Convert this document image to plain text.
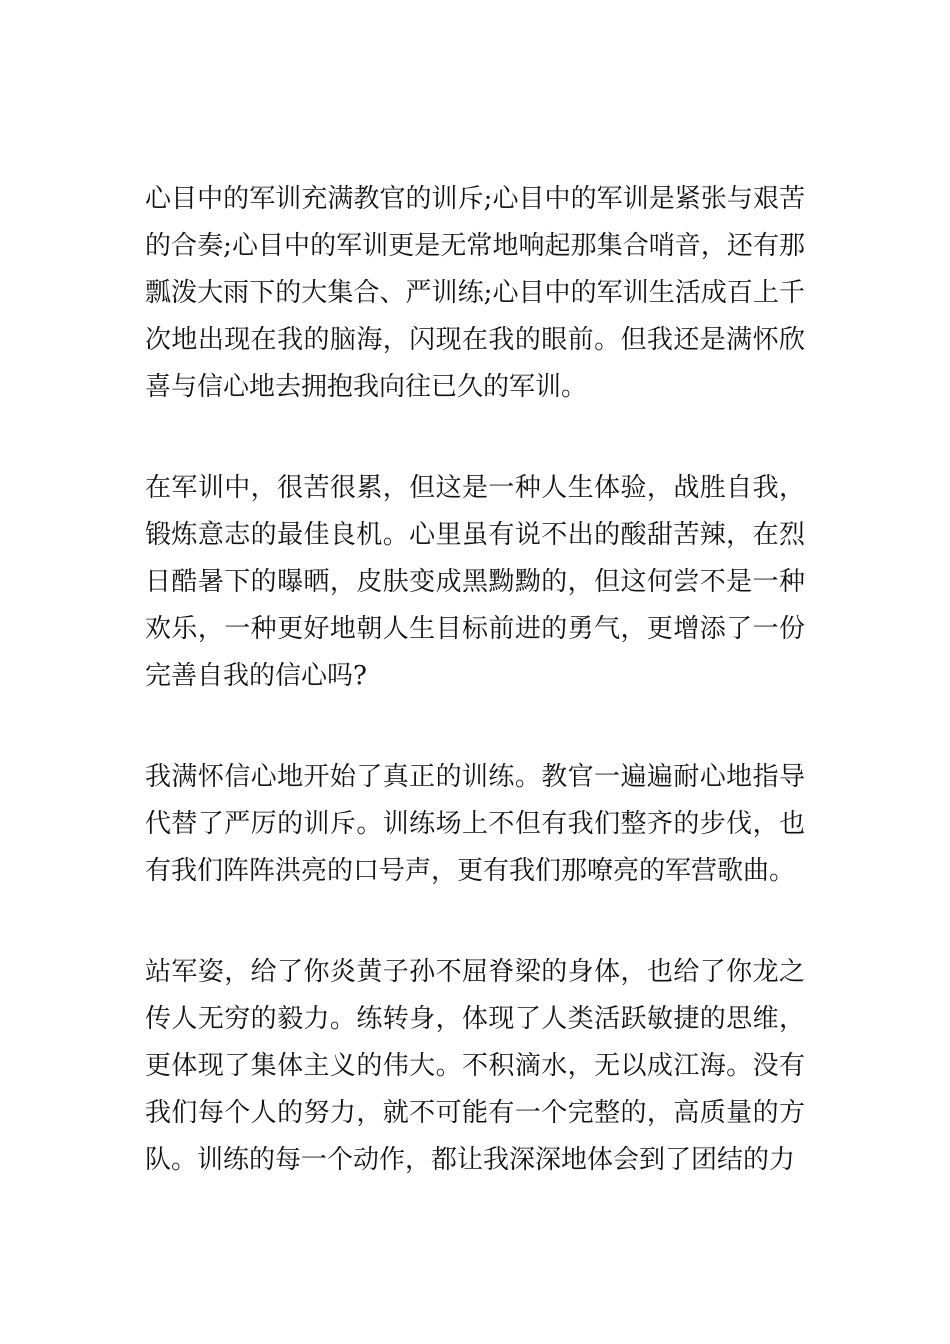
心目中的军训充满教官的训斥;心目中的军训是紧张与艰苦的合奏;心目中的军训更是无常地响起那集合哨音，还有那瓢泼大雨下的大集合、严训练;心目中的军训生活成百上千次地出现在我的脑海，闪现在我的眼前。但我还是满怀欣喜与信心地去拥抱我向往已久的军训。

在军训中，很苦很累，但这是一种人生体验，战胜自我，锻炼意志的最佳良机。心里虽有说不出的酸甜苦辣，在烈日酷暑下的曝晒，皮肤变成黑黝黝的，但这何尝不是一种欢乐，一种更好地朝人生目标前进的勇气，更增添了一份完善自我的信心吗?

我满怀信心地开始了真正的训练。教官一遍遍耐心地指导代替了严厉的训斥。训练场上不但有我们整齐的步伐，也有我们阵阵洪亮的口号声，更有我们那嘹亮的军营歌曲。

站军姿，给了你炎黄子孙不屈脊梁的身体，也给了你龙之传人无穷的毅力。练转身，体现了人类活跃敏捷的思维，更体现了集体主义的伟大。不积滴水，无以成江海。没有我们每个人的努力，就不可能有一个完整的，高质量的方队。训练的每一个动作，都让我深深地体会到了团结的力
